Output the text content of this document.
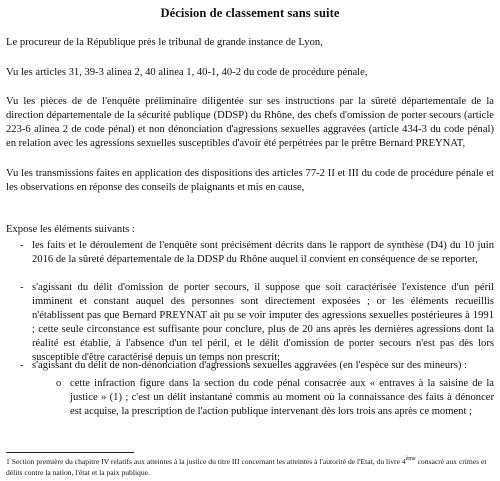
Décision de classement sans suite
Le procureur de la République près le tribunal de grande instance de Lyon,
Vu les articles 31, 39-3 alinea 2, 40 alinea 1, 40-1, 40-2 du code de procédure pénale,
Vu les pièces de de l'enquête préliminaire diligentée sur ses instructions par la sûreté départementale de la direction départementale de la sécurité publique (DDSP) du Rhône, des chefs d'omission de porter secours (article 223-6 alinea 2 de code pénal) et non dénonciation d'agressions sexuelles aggravées (article 434-3 du code pénal) en relation avec les agressions sexuelles susceptibles d'avoir été perpétrées par le prêtre Bernard PREYNAT,
Vu les transmissions faites en application des dispositions des articles 77-2 II et III du code de procédure pénale et les observations en réponse des conseils de plaignants et mis en cause,
Expose les éléments suivants :
- les faits et le déroulement de l'enquête sont précisément décrits dans le rapport de synthèse (D4) du 10 juin 2016 de la sûreté départementale de la DDSP du Rhône auquel il convient en conséquence de se reporter,
- s'agissant du délit d'omission de porter secours, il suppose que soit caractérisée l'existence d'un péril imminent et constant auquel des personnes sont directement exposées ; or les éléments recueillis n'établissent pas que Bernard PREYNAT ait pu se voir imputer des agressions sexuelles postérieures à 1991 ; cette seule circonstance est suffisante pour conclure, plus de 20 ans après les dernières agressions dont la réalité est établie, à l'absence d'un tel péril, et le délit d'omission de porter secours n'est pas dès lors susceptible d'être caractérisé depuis un temps non prescrit;
- s'agissant du délit de non-dénonciation d'agressions sexuelles aggravées (en l'espèce sur des mineurs) :
o cette infraction figure dans la section du code pénal consacrée aux « entraves à la saisine de la justice » (1) ; c'est un délit instantané commis au moment où la connaissance des faits à dénoncer est acquise, la prescription de l'action publique intervenant dès lors trois ans après ce moment ;
1 Section première du chapitre IV relatifs aux atteintes à la justice du titre III concernant les atteintes à l'autorité de l'Etat, du livre 4ème consacré aux crimes et délits contre la nation, l'état et la paix publique.
